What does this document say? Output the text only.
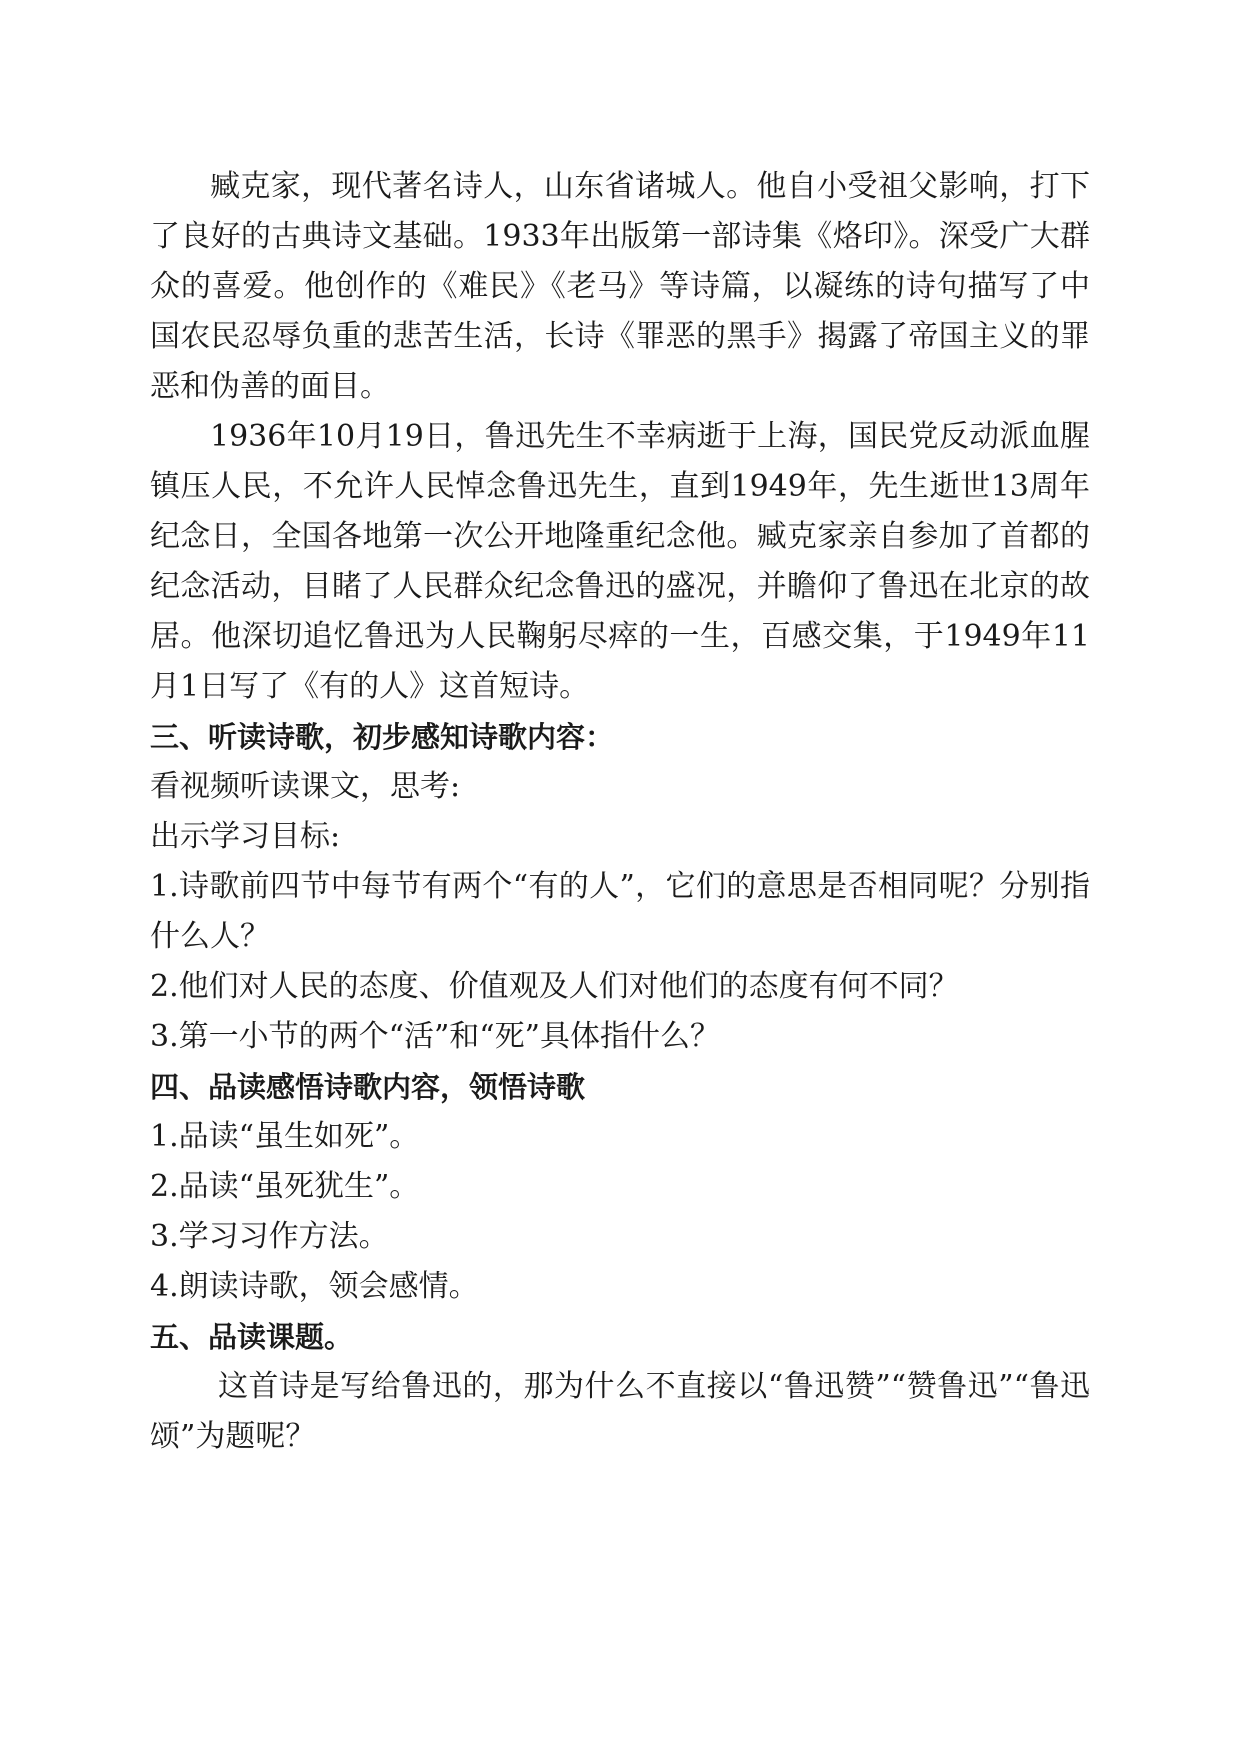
臧克家，现代著名诗人，山东省诸城人。他自小受祖父影响，打下了良好的古典诗文基础。1933年出版第一部诗集《烙印》。深受广大群众的喜爱。他创作的《难民》《老马》等诗篇，以凝练的诗句描写了中国农民忍辱负重的悲苦生活，长诗《罪恶的黑手》揭露了帝国主义的罪恶和伪善的面目。

1936年10月19日，鲁迅先生不幸病逝于上海，国民党反动派血腥镇压人民，不允许人民悼念鲁迅先生，直到1949年，先生逝世13周年纪念日，全国各地第一次公开地隆重纪念他。臧克家亲自参加了首都的纪念活动，目睹了人民群众纪念鲁迅的盛况，并瞻仰了鲁迅在北京的故居。他深切追忆鲁迅为人民鞠躬尽瘁的一生，百感交集，于1949年11月1日写了《有的人》这首短诗。

三、听读诗歌，初步感知诗歌内容：

看视频听读课文，思考:

出示学习目标:

1.诗歌前四节中每节有两个“有的人”，它们的意思是否相同呢？分别指什么人？

2.他们对人民的态度、价值观及人们对他们的态度有何不同？

3.第一小节的两个“活”和“死”具体指什么？

四、品读感悟诗歌内容，领悟诗歌

1.品读“虽生如死”。

2.品读“虽死犹生”。

3.学习习作方法。

4.朗读诗歌，领会感情。

五、品读课题。

这首诗是写给鲁迅的，那为什么不直接以“鲁迅赞”“赞鲁迅”“鲁迅颂”为题呢？
